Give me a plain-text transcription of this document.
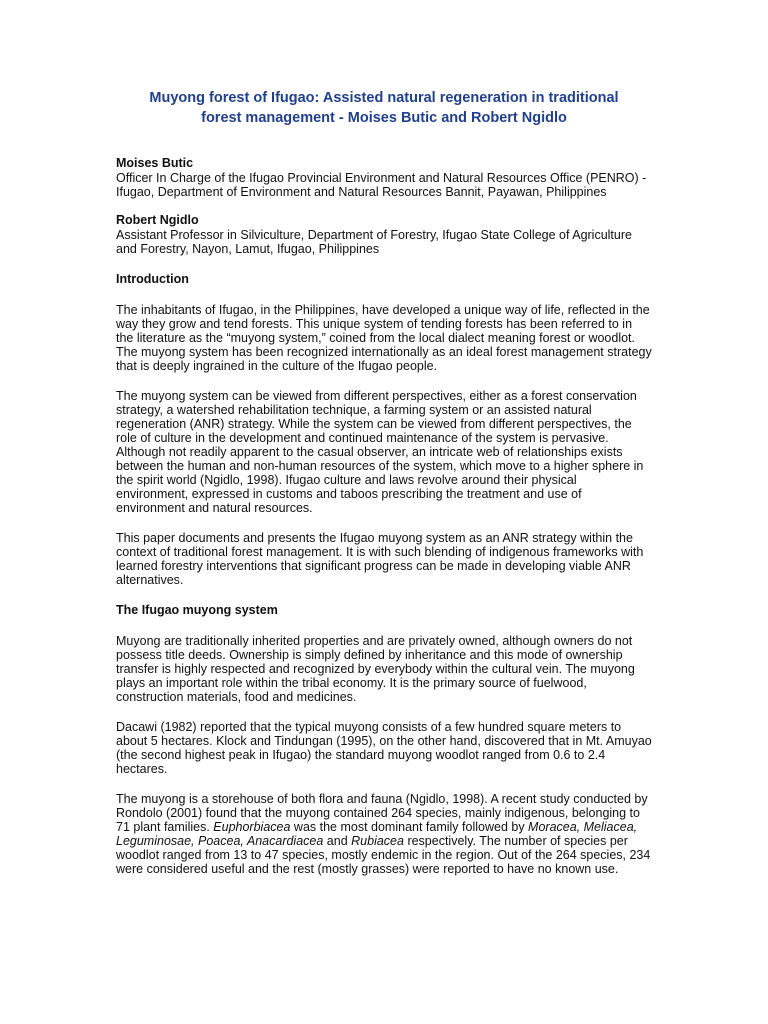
Muyong forest of Ifugao: Assisted natural regeneration in traditional
forest management - Moises Butic and Robert Ngidlo
Moises Butic
Officer In Charge of the Ifugao Provincial Environment and Natural Resources Office (PENRO) - Ifugao, Department of Environment and Natural Resources Bannit, Payawan, Philippines
Robert Ngidlo
Assistant Professor in Silviculture, Department of Forestry, Ifugao State College of Agriculture and Forestry, Nayon, Lamut, Ifugao, Philippines
Introduction

The inhabitants of Ifugao, in the Philippines, have developed a unique way of life, reflected in the way they grow and tend forests. This unique system of tending forests has been referred to in the literature as the “muyong system,” coined from the local dialect meaning forest or woodlot. The muyong system has been recognized internationally as an ideal forest management strategy that is deeply ingrained in the culture of the Ifugao people.

The muyong system can be viewed from different perspectives, either as a forest conservation strategy, a watershed rehabilitation technique, a farming system or an assisted natural regeneration (ANR) strategy. While the system can be viewed from different perspectives, the role of culture in the development and continued maintenance of the system is pervasive. Although not readily apparent to the casual observer, an intricate web of relationships exists between the human and non-human resources of the system, which move to a higher sphere in the spirit world (Ngidlo, 1998). Ifugao culture and laws revolve around their physical environment, expressed in customs and taboos prescribing the treatment and use of environment and natural resources.

This paper documents and presents the Ifugao muyong system as an ANR strategy within the context of traditional forest management. It is with such blending of indigenous frameworks with learned forestry interventions that significant progress can be made in developing viable ANR alternatives.

The Ifugao muyong system

Muyong are traditionally inherited properties and are privately owned, although owners do not possess title deeds. Ownership is simply defined by inheritance and this mode of ownership transfer is highly respected and recognized by everybody within the cultural vein. The muyong plays an important role within the tribal economy. It is the primary source of fuelwood, construction materials, food and medicines.

Dacawi (1982) reported that the typical muyong consists of a few hundred square meters to about 5 hectares. Klock and Tindungan (1995), on the other hand, discovered that in Mt. Amuyao (the second highest peak in Ifugao) the standard muyong woodlot ranged from 0.6 to 2.4 hectares.

The muyong is a storehouse of both flora and fauna (Ngidlo, 1998). A recent study conducted by Rondolo (2001) found that the muyong contained 264 species, mainly indigenous, belonging to 71 plant families. Euphorbiacea was the most dominant family followed by Moracea, Meliacea, Leguminosae, Poacea, Anacardiacea and Rubiacea respectively. The number of species per woodlot ranged from 13 to 47 species, mostly endemic in the region. Out of the 264 species, 234 were considered useful and the rest (mostly grasses) were reported to have no known use.
